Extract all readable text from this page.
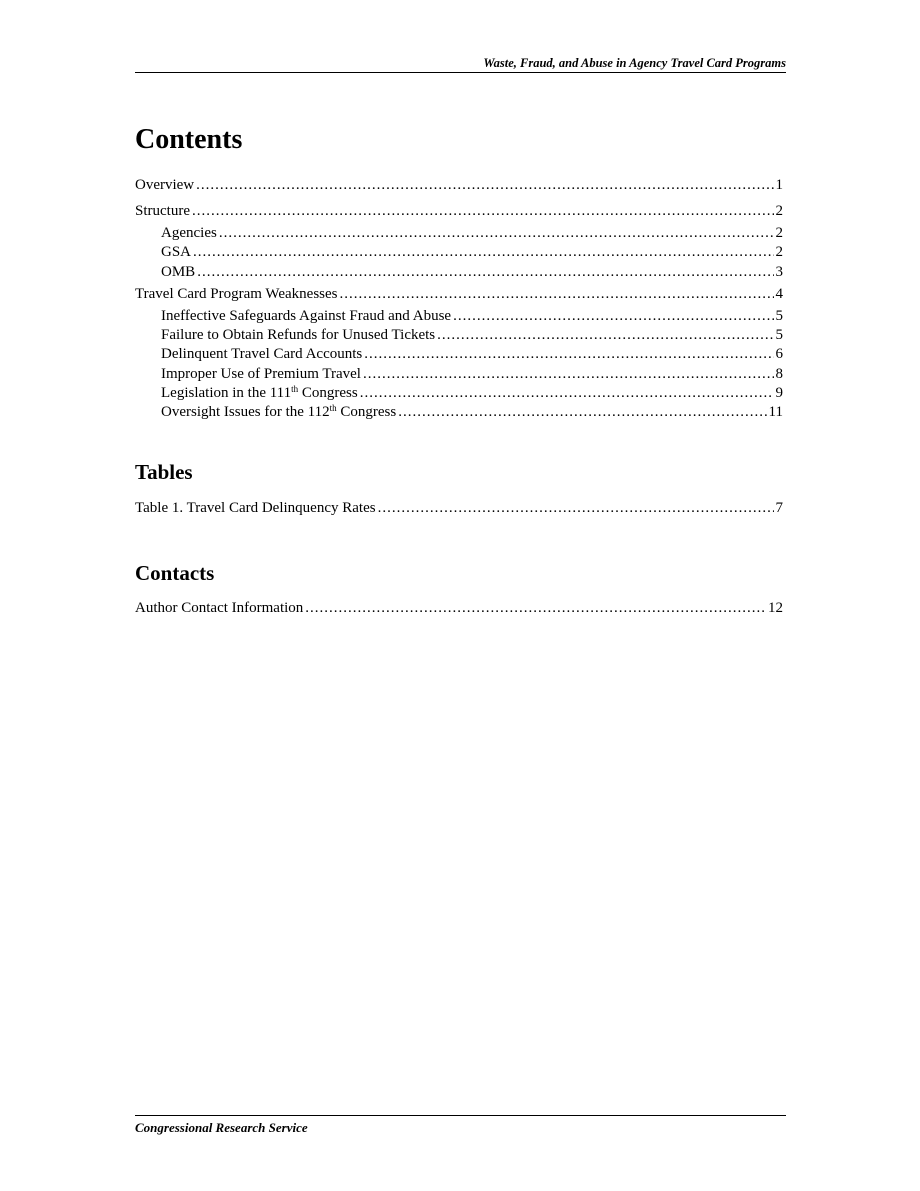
Waste, Fraud, and Abuse in Agency Travel Card Programs
Contents
Overview .....	1
Structure .....	2
Agencies .....	2
GSA .....	2
OMB .....	3
Travel Card Program Weaknesses .....	4
Ineffective Safeguards Against Fraud and Abuse .....	5
Failure to Obtain Refunds for Unused Tickets .....	5
Delinquent Travel Card Accounts .....	6
Improper Use of Premium Travel .....	8
Legislation in the 111th Congress .....	9
Oversight Issues for the 112th Congress .....	11
Tables
Table 1. Travel Card Delinquency Rates .....	7
Contacts
Author Contact Information .....	12
Congressional Research Service
